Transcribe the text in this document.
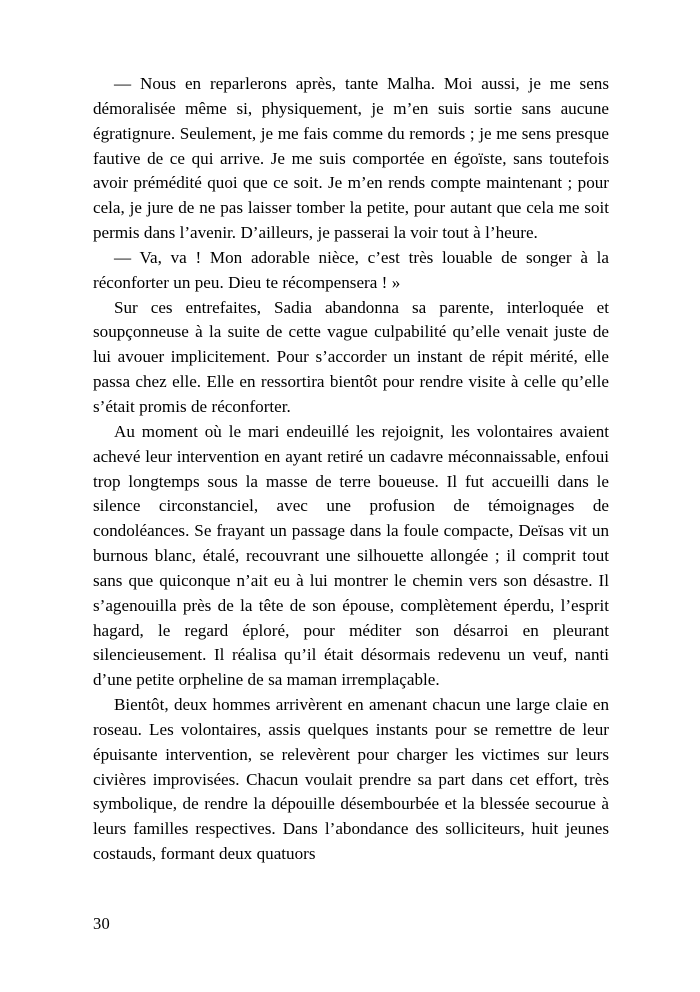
— Nous en reparlerons après, tante Malha. Moi aussi, je me sens démoralisée même si, physiquement, je m’en suis sortie sans aucune égratignure. Seulement, je me fais comme du remords ; je me sens presque fautive de ce qui arrive. Je me suis comportée en égoïste, sans toutefois avoir prémédité quoi que ce soit. Je m’en rends compte maintenant ; pour cela, je jure de ne pas laisser tomber la petite, pour autant que cela me soit permis dans l’avenir. D’ailleurs, je passerai la voir tout à l’heure.

— Va, va ! Mon adorable nièce, c’est très louable de songer à la réconforter un peu. Dieu te récompensera ! »

Sur ces entrefaites, Sadia abandonna sa parente, interloquée et soupçonneuse à la suite de cette vague culpabilité qu’elle venait juste de lui avouer implicitement. Pour s’accorder un instant de répit mérité, elle passa chez elle. Elle en ressortira bientôt pour rendre visite à celle qu’elle s’était promis de réconforter.

Au moment où le mari endeuillé les rejoignit, les volontaires avaient achevé leur intervention en ayant retiré un cadavre méconnaissable, enfoui trop longtemps sous la masse de terre boueuse. Il fut accueilli dans le silence circonstanciel, avec une profusion de témoignages de condoléances. Se frayant un passage dans la foule compacte, Deïsas vit un burnous blanc, étalé, recouvrant une silhouette allongée ; il comprit tout sans que quiconque n’ait eu à lui montrer le chemin vers son désastre. Il s’agenouilla près de la tête de son épouse, complètement éperdu, l’esprit hagard, le regard éploré, pour méditer son désarroi en pleurant silencieusement. Il réalisa qu’il était désormais redevenu un veuf, nanti d’une petite orpheline de sa maman irremplaçable.

Bientôt, deux hommes arrivèrent en amenant chacun une large claie en roseau. Les volontaires, assis quelques instants pour se remettre de leur épuisante intervention, se relevèrent pour charger les victimes sur leurs civières improvisées. Chacun voulait prendre sa part dans cet effort, très symbolique, de rendre la dépouille désembourbée et la blessée secourue à leurs familles respectives. Dans l’abondance des solliciteurs, huit jeunes costauds, formant deux quatuors

30
